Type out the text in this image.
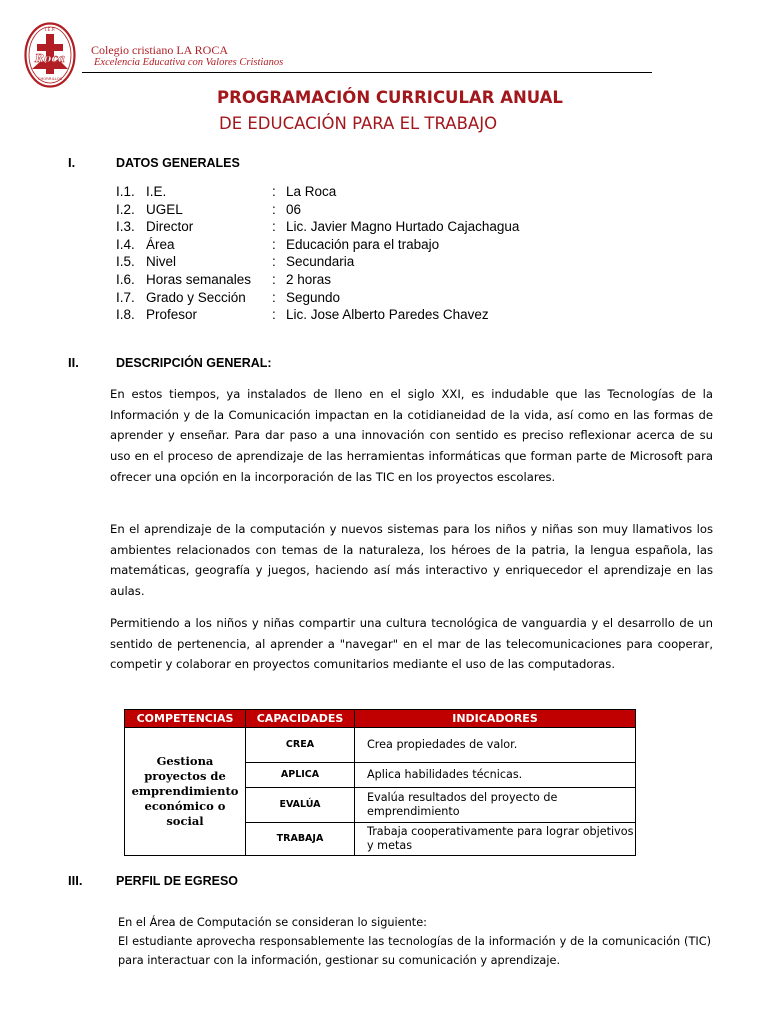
I.E.P.
Roca
CHORRILLOS
Colegio cristiano LA ROCA
Excelencia Educativa con Valores Cristianos
PROGRAMACIÓN CURRICULAR ANUAL
DE EDUCACIÓN PARA EL TRABAJO
I.	DATOS GENERALES
I.1. I.E.	: La Roca
I.2. UGEL	: 06
I.3. Director	: Lic. Javier Magno Hurtado Cajachagua
I.4. Área	: Educación para el trabajo
I.5. Nivel	: Secundaria
I.6. Horas semanales : 2 horas
I.7. Grado y Sección : Segundo
I.8. Profesor	: Lic. Jose Alberto Paredes Chavez
II.	DESCRIPCIÓN GENERAL:

En estos tiempos, ya instalados de lleno en el siglo XXI, es indudable que las Tecnologías de la Información y de la Comunicación impactan en la cotidianeidad de la vida, así como en las formas de aprender y enseñar. Para dar paso a una innovación con sentido es preciso reflexionar acerca de su uso en el proceso de aprendizaje de las herramientas informáticas que forman parte de Microsoft para ofrecer una opción en la incorporación de las TIC en los proyectos escolares.

En el aprendizaje de la computación y nuevos sistemas para los niños y niñas son muy llamativos los ambientes relacionados con temas de la naturaleza, los héroes de la patria, la lengua española, las matemáticas, geografía y juegos, haciendo así más interactivo y enriquecedor el aprendizaje en las aulas.

Permitiendo a los niños y niñas compartir una cultura tecnológica de vanguardia y el desarrollo de un sentido de pertenencia, al aprender a "navegar" en el mar de las telecomunicaciones para cooperar, competir y colaborar en proyectos comunitarios mediante el uso de las computadoras.

COMPETENCIAS	CAPACIDADES	INDICADORES
Gestiona proyectos de emprendimiento económico o social	CREA	Crea propiedades de valor.
	APLICA	Aplica habilidades técnicas.
	EVALÚA	Evalúa resultados del proyecto de emprendimiento
	TRABAJA	Trabaja cooperativamente para lograr objetivos y metas
III.	PERFIL DE EGRESO

En el Área de Computación se consideran lo siguiente:

El estudiante aprovecha responsablemente las tecnologías de la información y de la comunicación (TIC) para interactuar con la información, gestionar su comunicación y aprendizaje.
